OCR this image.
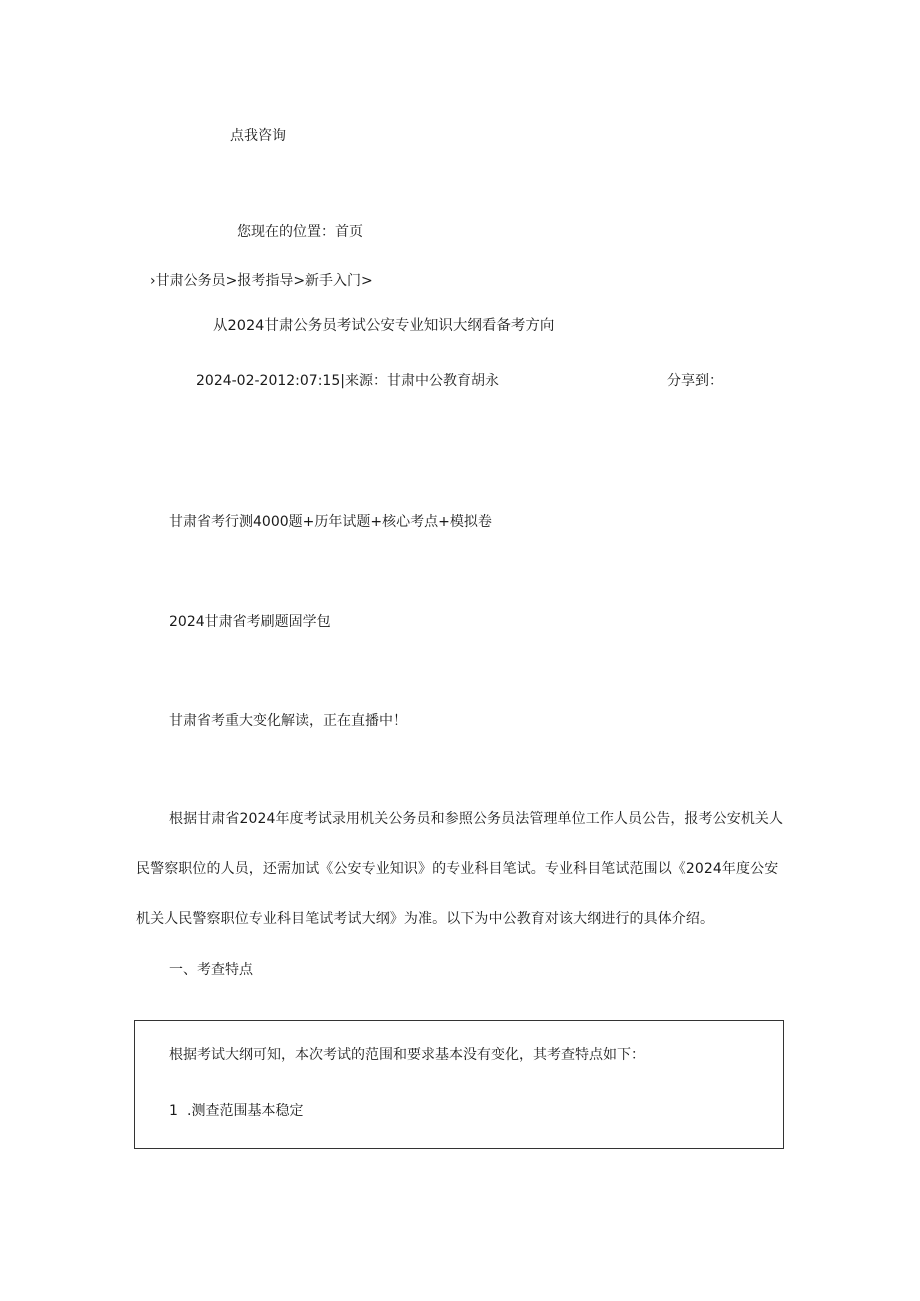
点我咨询
您现在的位置：首页
›甘肃公务员>报考指导>新手入门>
从2024甘肃公务员考试公安专业知识大纲看备考方向
2024-02-2012:07:15|来源：甘肃中公教育胡永	分享到：
甘肃省考行测4000题+历年试题+核心考点+模拟卷
2024甘肃省考刷题固学包
甘肃省考重大变化解读，正在直播中！

根据甘肃省2024年度考试录用机关公务员和参照公务员法管理单位工作人员公告，报考公安机关人民警察职位的人员，还需加试《公安专业知识》的专业科目笔试。专业科目笔试范围以《2024年度公安机关人民警察职位专业科目笔试考试大纲》为准。以下为中公教育对该大纲进行的具体介绍。

一、考查特点
根据考试大纲可知，本次考试的范围和要求基本没有变化，其考查特点如下：
1 .测查范围基本稳定
